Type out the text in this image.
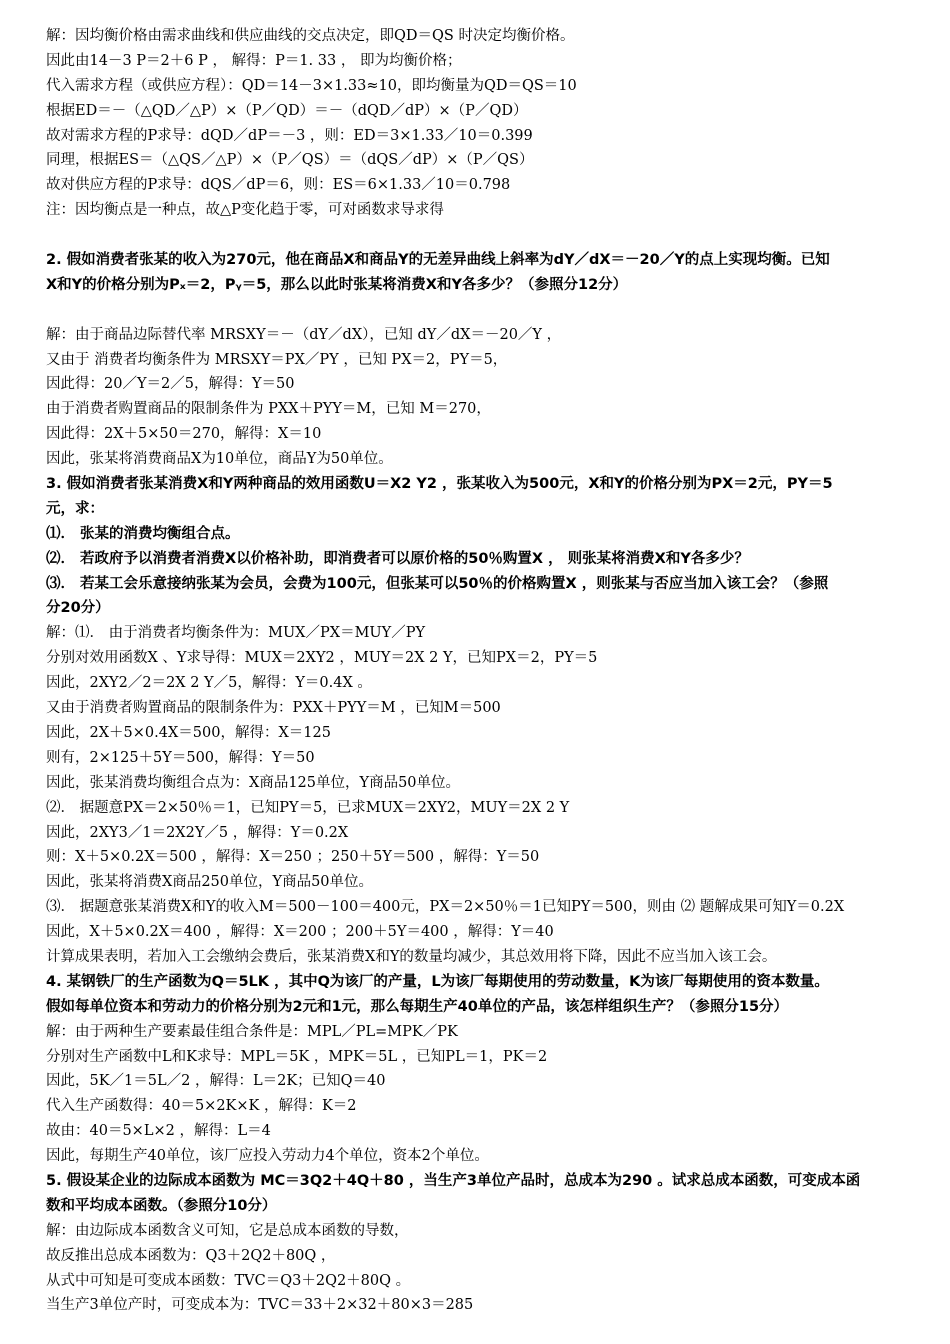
解：因均衡价格由需求曲线和供应曲线的交点决定，即QD＝QS 时决定均衡价格。
因此由14－3 P＝2＋6 P ， 解得：P＝1. 33 ， 即为均衡价格；
代入需求方程（或供应方程）：QD＝14－3×1.33≈10，即均衡量为QD＝QS＝10
根据ED＝－（△QD／△P）×（P／QD）＝－（dQD／dP）×（P／QD）
故对需求方程的P求导：dQD／dP＝－3 ，则：ED＝3×1.33／10＝0.399
同理，根据ES＝（△QS／△P）×（P／QS）＝（dQS／dP）×（P／QS）
故对供应方程的P求导：dQS／dP＝6，则：ES＝6×1.33／10＝0.798
注：因均衡点是一种点，故△P变化趋于零，可对函数求导求得
2. 假如消费者张某的收入为270元，他在商品X和商品Y的无差异曲线上斜率为dY／dX＝－20／Y的点上实现均衡。已知
X和Y的价格分别为Pₓ＝2，Pᵧ＝5，那么以此时张某将消费X和Y各多少？（参照分12分）
解：由于商品边际替代率 MRSXY＝－（dY／dX），已知 dY／dX＝－20／Y ，
又由于 消费者均衡条件为 MRSXY＝PX／PY ，已知 PX＝2，PY＝5，
因此得：20／Y＝2／5，解得：Y＝50
由于消费者购置商品的限制条件为 PXX＋PYY＝M，已知 M＝270，
因此得：2X＋5×50＝270，解得：X＝10
因此，张某将消费商品X为10单位，商品Y为50单位。
3. 假如消费者张某消费X和Y两种商品的效用函数U＝X2 Y2 ，张某收入为500元，X和Y的价格分别为PX＝2元，PY＝5
元，求：
⑴． 张某的消费均衡组合点。
⑵． 若政府予以消费者消费X以价格补助，即消费者可以原价格的50％购置X ， 则张某将消费X和Y各多少？
⑶． 若某工会乐意接纳张某为会员，会费为100元，但张某可以50％的价格购置X ，则张某与否应当加入该工会？（参照
分20分）
解：⑴． 由于消费者均衡条件为：MUX／PX＝MUY／PY
分别对效用函数X 、Y求导得：MUX＝2XY2 ，MUY＝2X 2 Y，已知PX＝2，PY＝5
因此，2XY2／2＝2X 2 Y／5，解得：Y＝0.4X 。
又由于消费者购置商品的限制条件为：PXX＋PYY＝M ，已知M＝500
因此，2X＋5×0.4X＝500，解得：X＝125
则有，2×125＋5Y＝500，解得：Y＝50
因此，张某消费均衡组合点为：X商品125单位，Y商品50单位。
⑵． 据题意PX＝2×50％＝1，已知PY＝5，已求MUX＝2XY2，MUY＝2X 2 Y
因此，2XY3／1＝2X2Y／5 ，解得：Y＝0.2X
则：X＋5×0.2X＝500 ，解得：X＝250 ；250＋5Y＝500 ，解得：Y＝50
因此，张某将消费X商品250单位，Y商品50单位。
⑶． 据题意张某消费X和Y的收入M＝500－100＝400元，PX＝2×50％＝1已知PY＝500，则由 ⑵ 题解成果可知Y＝0.2X
因此，X＋5×0.2X＝400 ，解得：X＝200 ；200＋5Y＝400 ，解得：Y＝40
计算成果表明，若加入工会缴纳会费后，张某消费X和Y的数量均减少，其总效用将下降，因此不应当加入该工会。
4. 某钢铁厂的生产函数为Q＝5LK ，其中Q为该厂的产量，L为该厂每期使用的劳动数量，K为该厂每期使用的资本数量。
假如每单位资本和劳动力的价格分别为2元和1元，那么每期生产40单位的产品，该怎样组织生产？（参照分15分）
解：由于两种生产要素最佳组合条件是：MPL／PL=MPK／PK
分别对生产函数中L和K求导：MPL＝5K ，MPK＝5L ，已知PL＝1，PK＝2
因此，5K／1＝5L／2 ，解得：L＝2K；已知Q＝40
代入生产函数得：40＝5×2K×K ，解得：K＝2
故由：40＝5×L×2 ，解得：L＝4
因此，每期生产40单位，该厂应投入劳动力4个单位，资本2个单位。
5. 假设某企业的边际成本函数为 MC＝3Q2＋4Q＋80 ，当生产3单位产品时，总成本为290 。试求总成本函数，可变成本函
数和平均成本函数。（参照分10分）
解：由边际成本函数含义可知，它是总成本函数的导数，
故反推出总成本函数为：Q3＋2Q2＋80Q ，
从式中可知是可变成本函数：TVC＝Q3＋2Q2＋80Q 。
当生产3单位产时，可变成本为：TVC＝33＋2×32＋80×3＝285
